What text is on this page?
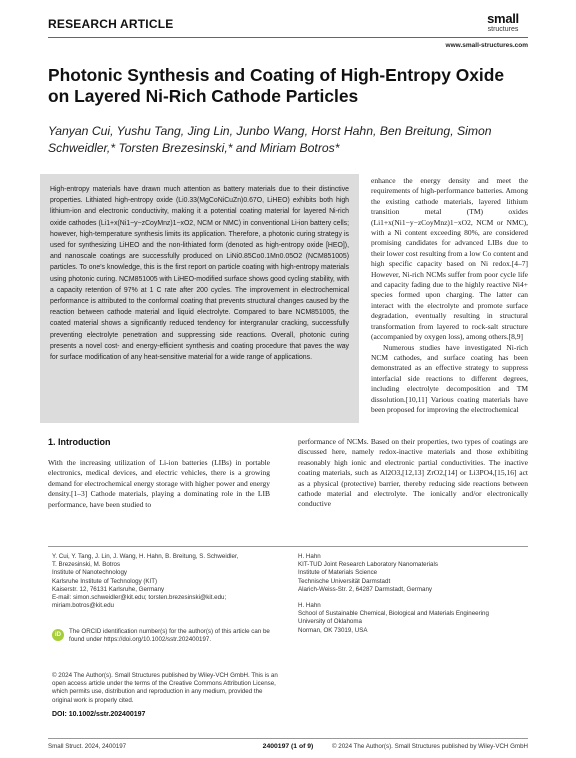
RESEARCH ARTICLE	small
structures
www.small-structures.com
Photonic Synthesis and Coating of High-Entropy Oxide on Layered Ni-Rich Cathode Particles
Yanyan Cui, Yushu Tang, Jing Lin, Junbo Wang, Horst Hahn, Ben Breitung, Simon Schweidler,* Torsten Brezesinski,* and Miriam Botros*

High-entropy materials have drawn much attention as battery materials due to their distinctive properties. Lithiated high-entropy oxide (Li0.33(MgCoNiCuZn)0.67O, LiHEO) exhibits both high lithium-ion and electronic conductivity, making it a potential coating material for layered Ni-rich oxide cathodes (Li1+x(Ni1−y−zCoyMnz)1−xO2, NCM or NMC) in conventional Li-ion battery cells; however, high-temperature synthesis limits its application. Therefore, a photonic curing strategy is used for synthesizing LiHEO and the non-lithiated form (denoted as high-entropy oxide [HEO]), and nanoscale coatings are successfully produced on LiNi0.85Co0.1Mn0.05O2 (NCM851005) particles. To one's knowledge, this is the first report on particle coating with high-entropy materials using photonic curing. NCM851005 with LiHEO-modified surface shows good cycling stability, with a capacity retention of 97% at 1 C rate after 200 cycles. The improvement in electrochemical performance is attributed to the conformal coating that prevents structural changes caused by the reaction between cathode material and liquid electrolyte. Compared to bare NCM851005, the coated material shows a significantly reduced tendency for intergranular cracking, successfully preventing electrolyte penetration and suppressing side reactions. Overall, photonic curing presents a novel cost- and energy-efficient synthesis and coating procedure that paves the way for surface modification of any heat-sensitive material for a wide range of applications.

enhance the energy density and meet the requirements of high-performance batteries. Among the existing cathode materials, layered lithium transition metal (TM) oxides (Li1+x(Ni1−y−zCoyMnz)1−xO2, NCM or NMC), with a Ni content exceeding 80%, are considered promising candidates for advanced LIBs due to their lower cost resulting from a low Co content and high specific capacity based on Ni redox.[4–7] However, Ni-rich NCMs suffer from poor cycle life and capacity fading due to the highly reactive Ni4+ species formed upon charging. The latter can interact with the electrolyte and promote surface degradation, eventually resulting in structural transformation from layered to rock-salt structure (accompanied by oxygen loss), among others.[8,9]

Numerous studies have investigated Ni-rich NCM cathodes, and surface coating has been demonstrated as an effective strategy to suppress interfacial side reactions to different degrees, including electrolyte decomposition and TM dissolution.[10,11] Various coating materials have been proposed for improving the electrochemical

1. Introduction

With the increasing utilization of Li-ion batteries (LIBs) in portable electronics, medical devices, and electric vehicles, there is a growing demand for electrochemical energy storage with higher power and energy density.[1–3] Cathode materials, playing a dominating role in the LIB performance, have been studied to

performance of NCMs. Based on their properties, two types of coatings are discussed here, namely redox-inactive materials and those exhibiting reasonably high ionic and electronic partial conductivities. The inactive coating materials, such as Al2O3,[12,13] ZrO2,[14] or Li3PO4,[15,16] act as a physical (protective) barrier, thereby reducing side reactions between cathode material and electrolyte. The ionically and/or electronically conductive

Y. Cui, Y. Tang, J. Lin, J. Wang, H. Hahn, B. Breitung, S. Schweidler,
T. Brezesinski, M. Botros
Institute of Nanotechnology
Karlsruhe Institute of Technology (KIT)
Kaiserstr. 12, 76131 Karlsruhe, Germany
E-mail: simon.schweidler@kit.edu; torsten.brezesinski@kit.edu;
miriam.botros@kit.edu
H. Hahn
KIT-TUD Joint Research Laboratory Nanomaterials
Institute of Materials Science
Technische Universität Darmstadt
Alarich-Weiss-Str. 2, 64287 Darmstadt, Germany
H. Hahn
School of Sustainable Chemical, Biological and Materials Engineering
University of Oklahoma
Norman, OK 73019, USA
iD	The ORCID identification number(s) for the author(s) of this article can be found under https://doi.org/10.1002/sstr.202400197.
© 2024 The Author(s). Small Structures published by Wiley-VCH GmbH. This is an open access article under the terms of the Creative Commons Attribution License, which permits use, distribution and reproduction in any medium, provided the original work is properly cited.
DOI: 10.1002/sstr.202400197
Small Struct. 2024, 2400197	2400197 (1 of 9)	© 2024 The Author(s). Small Structures published by Wiley-VCH GmbH
